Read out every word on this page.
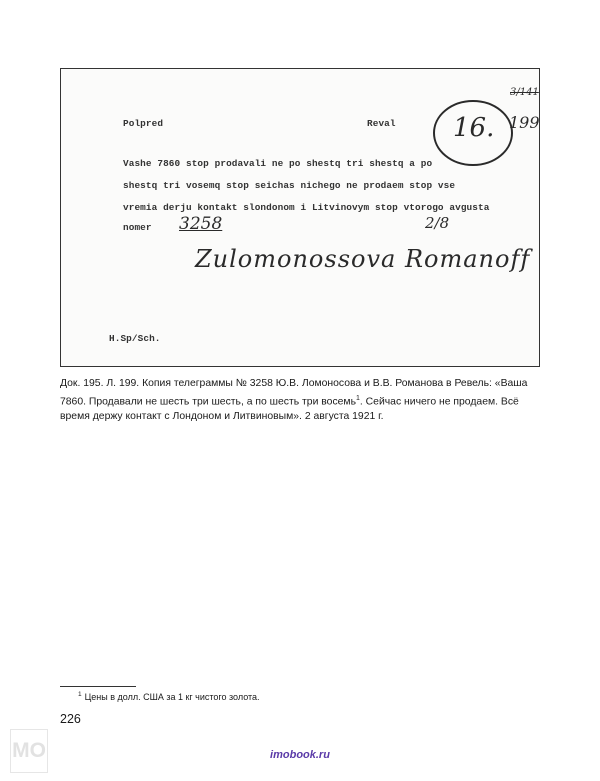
Polpred	Reval
Vashe 7860 stop prodavali ne po shestq tri shestq a po
shestq tri vosemq stop seichas nichego ne prodaem stop vse
vremia derju kontakt slondonom i Litvinovym stop vtorogo avgusta
nomer
H.Sp/Sch.
16.
3/141
199
3258	2/8
Zulomonossova Romanoff
Док. 195. Л. 199. Копия телеграммы № 3258 Ю.В. Ломоносова и В.В. Романова в Ревель: «Ваша 7860. Продавали не шесть три шесть, а по шесть три восемь$^1$. Сейчас ничего не продаем. Всё время держу контакт с Лондоном и Литвиновым». 2 августа 1921 г.
$^1$ Цены в долл. США за 1 кг чистого золота.
226
MO	imobook.ru
